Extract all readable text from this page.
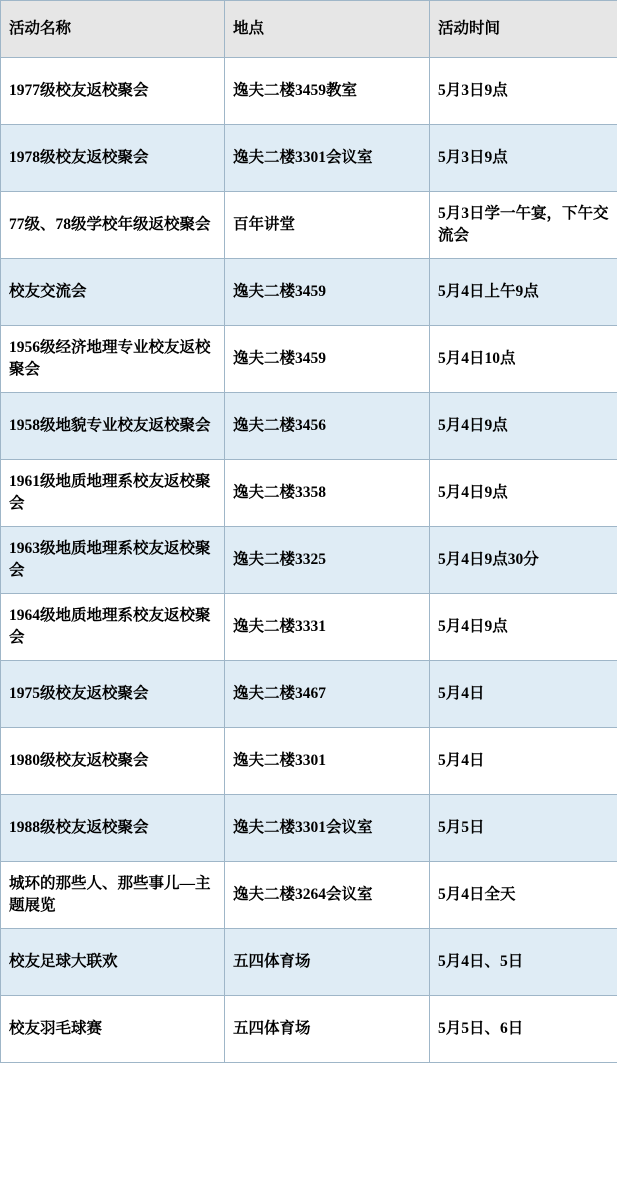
活动名称	地点	活动时间
1977级校友返校聚会	逸夫二楼3459教室	5月3日9点
1978级校友返校聚会	逸夫二楼3301会议室	5月3日9点
77级、78级学校年级返校聚会	百年讲堂	5月3日学一午宴，下午交流会
校友交流会	逸夫二楼3459	5月4日上午9点
1956级经济地理专业校友返校聚会	逸夫二楼3459	5月4日10点
1958级地貌专业校友返校聚会	逸夫二楼3456	5月4日9点
1961级地质地理系校友返校聚会	逸夫二楼3358	5月4日9点
1963级地质地理系校友返校聚会	逸夫二楼3325	5月4日9点30分
1964级地质地理系校友返校聚会	逸夫二楼3331	5月4日9点
1975级校友返校聚会	逸夫二楼3467	5月4日
1980级校友返校聚会	逸夫二楼3301	5月4日
1988级校友返校聚会	逸夫二楼3301会议室	5月5日
城环的那些人、那些事儿—主题展览	逸夫二楼3264会议室	5月4日全天
校友足球大联欢	五四体育场	5月4日、5日
校友羽毛球赛	五四体育场	5月5日、6日
